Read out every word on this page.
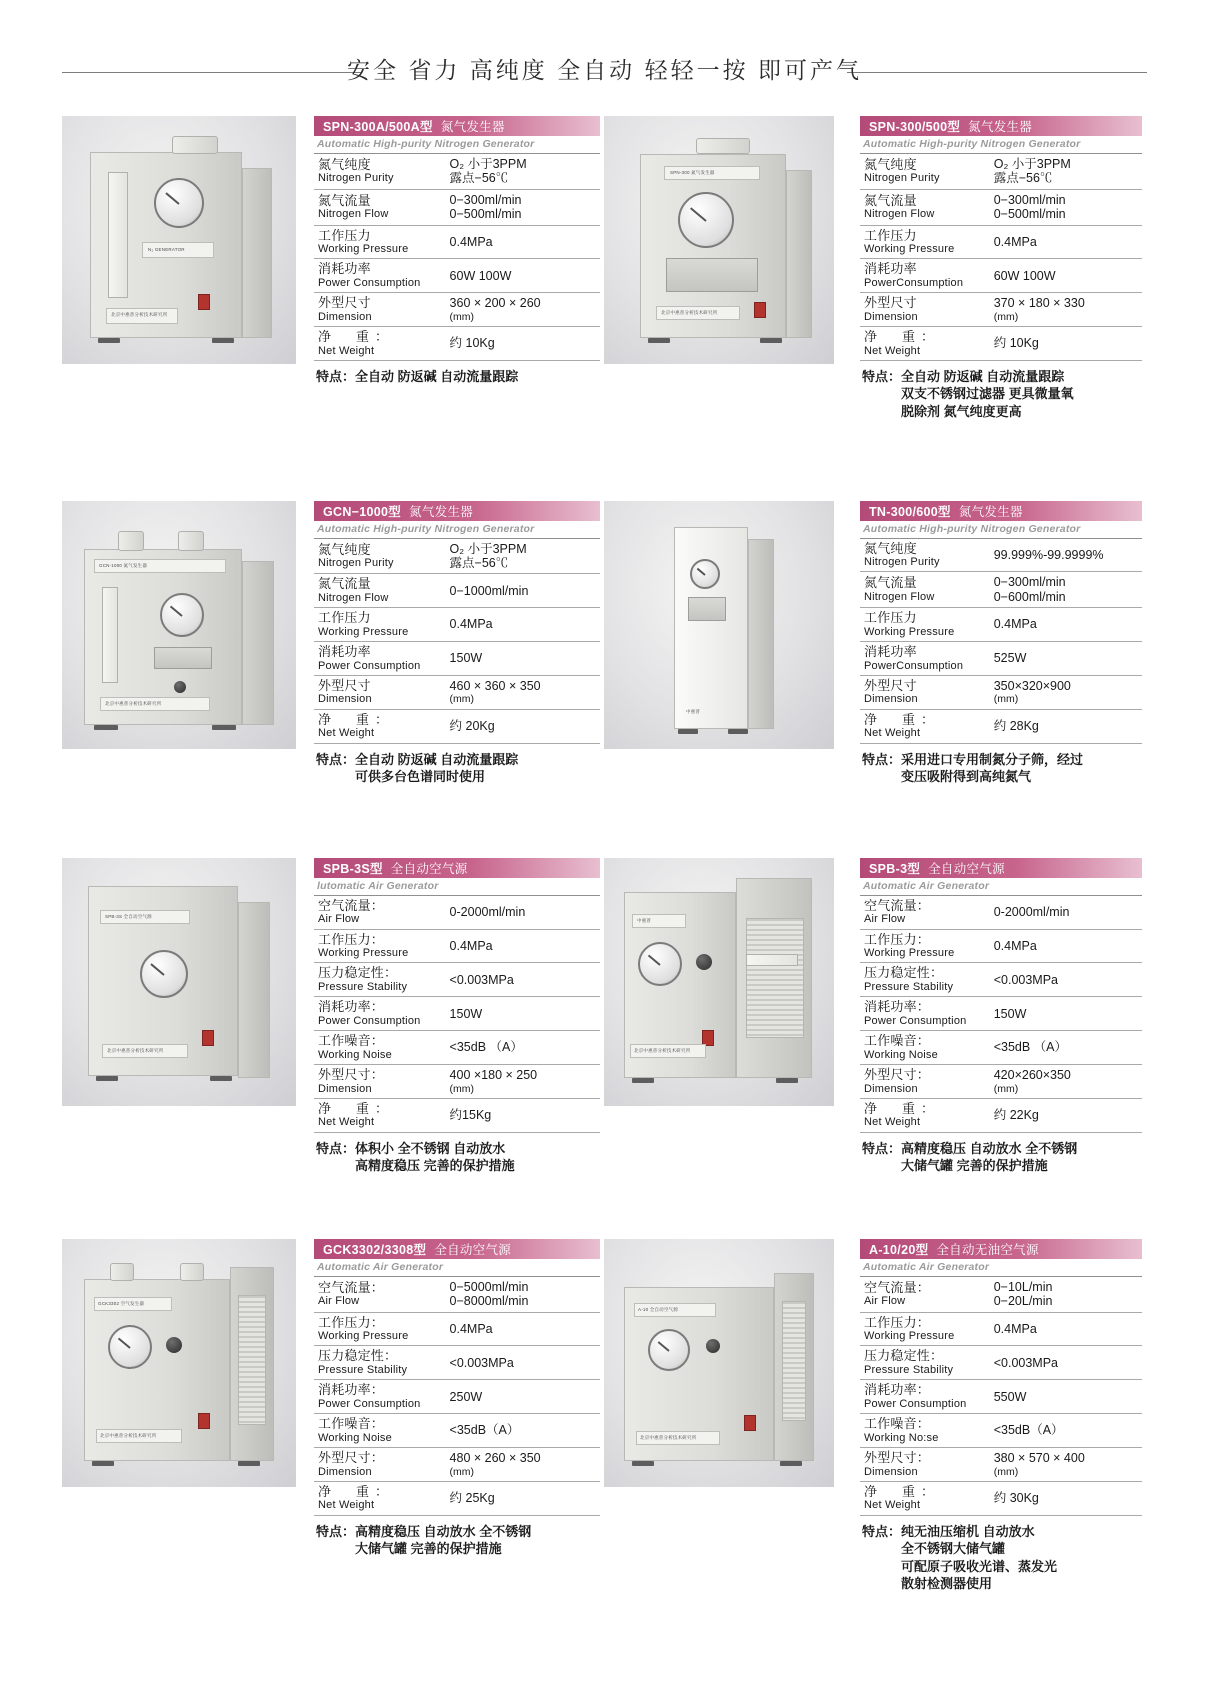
安全 省力 高纯度 全自动 轻轻一按 即可产气
N₂ GENERATOR
北京中惠普分析技术研究所
SPN-300A/500A型 氮气发生器
Automatic High-purity Nitrogen Generator
氮气纯度
Nitrogen Purity	O₂ 小于3PPM
露点−56℃

氮气流量
Nitrogen Flow	0−300ml/min
0−500ml/min

工作压力
Working Pressure	0.4MPa

消耗功率
Power Consumption	60W 100W

外型尺寸
Dimension	360 × 200 × 260
(mm)

净　重：
Net Weight	约 10Kg
特点： 全自动 防返碱 自动流量跟踪
SPN-300 氮气发生器
北京中惠普分析技术研究所
SPN-300/500型 氮气发生器
Automatic High-purity Nitrogen Generator
氮气纯度
Nitrogen Purity	O₂ 小于3PPM
露点−56℃

氮气流量
Nitrogen Flow	0−300ml/min
0−500ml/min

工作压力
Working Pressure	0.4MPa

消耗功率
PowerConsumption	60W 100W

外型尺寸
Dimension	370 × 180 × 330
(mm)

净　重：
Net Weight	约 10Kg
特点： 全自动 防返碱 自动流量跟踪
双支不锈钢过滤器 更具微量氧
脱除剂 氮气纯度更高
GCN-1000 氮气发生器
北京中惠普分析技术研究所
GCN−1000型 氮气发生器
Automatic High-purity Nitrogen Generator
氮气纯度
Nitrogen Purity	O₂ 小于3PPM
露点−56℃

氮气流量
Nitrogen Flow	0−1000ml/min

工作压力
Working Pressure	0.4MPa

消耗功率
Power Consumption	150W

外型尺寸
Dimension	460 × 360 × 350
(mm)

净　重：
Net Weight	约 20Kg
特点： 全自动 防返碱 自动流量跟踪
可供多台色谱同时使用
中惠普
TN-300/600型 氮气发生器
Automatic High-purity Nitrogen Generator
氮气纯度
Nitrogen Purity	99.999%-99.9999%

氮气流量
Nitrogen Flow	0−300ml/min
0−600ml/min

工作压力
Working Pressure	0.4MPa

消耗功率
PowerConsumption	525W

外型尺寸
Dimension	350×320×900
(mm)

净　重：
Net Weight	约 28Kg
特点： 采用进口专用制氮分子筛，经过
变压吸附得到高纯氮气
SPB-3S 全自动空气源
北京中惠普分析技术研究所
SPB-3S型 全自动空气源
lutomatic Air Generator
空气流量：
Air Flow	0-2000ml/min

工作压力：
Working Pressure	0.4MPa

压力稳定性：
Pressure Stability	<0.003MPa

消耗功率：
Power Consumption	150W

工作噪音：
Working Noise	<35dB （A）

外型尺寸：
Dimension	400 ×180 × 250
(mm)

净　重：
Net Weight	约15Kg
特点： 体积小 全不锈钢 自动放水
高精度稳压 完善的保护措施
中惠普
北京中惠普分析技术研究所
SPB-3型 全自动空气源
Automatic Air Generator
空气流量：
Air Flow	0-2000ml/min

工作压力：
Working Pressure	0.4MPa

压力稳定性：
Pressure Stability	<0.003MPa

消耗功率：
Power Consumption	150W

工作噪音：
Working Noise	<35dB （A）

外型尺寸：
Dimension	420×260×350
(mm)

净　重：
Net Weight	约 22Kg
特点： 高精度稳压 自动放水 全不锈钢
大储气罐 完善的保护措施
GCK3302 空气发生器
北京中惠普分析技术研究所
GCK3302/3308型 全自动空气源
Automatic Air Generator
空气流量：
Air Flow	0−5000ml/min
0−8000ml/min

工作压力：
Working Pressure	0.4MPa

压力稳定性：
Pressure Stability	<0.003MPa

消耗功率：
Power Consumption	250W

工作噪音：
Working Noise	<35dB（A）

外型尺寸：
Dimension	480 × 260 × 350
(mm)

净　重：
Net Weight	约 25Kg
特点： 高精度稳压 自动放水 全不锈钢
大储气罐 完善的保护措施
A-10 全自动空气源
北京中惠普分析技术研究所
A-10/20型 全自动无油空气源
Automatic Air Generator
空气流量：
Air Flow	0−10L/min
0−20L/min

工作压力：
Working Pressure	0.4MPa

压力稳定性：
Pressure Stability	<0.003MPa

消耗功率：
Power Consumption	550W

工作噪音：
Working No:se	<35dB（A）

外型尺寸：
Dimension	380 × 570 × 400
(mm)

净　重：
Net Weight	约 30Kg
特点： 纯无油压缩机 自动放水
全不锈钢大储气罐
可配原子吸收光谱、蒸发光
散射检测器使用
